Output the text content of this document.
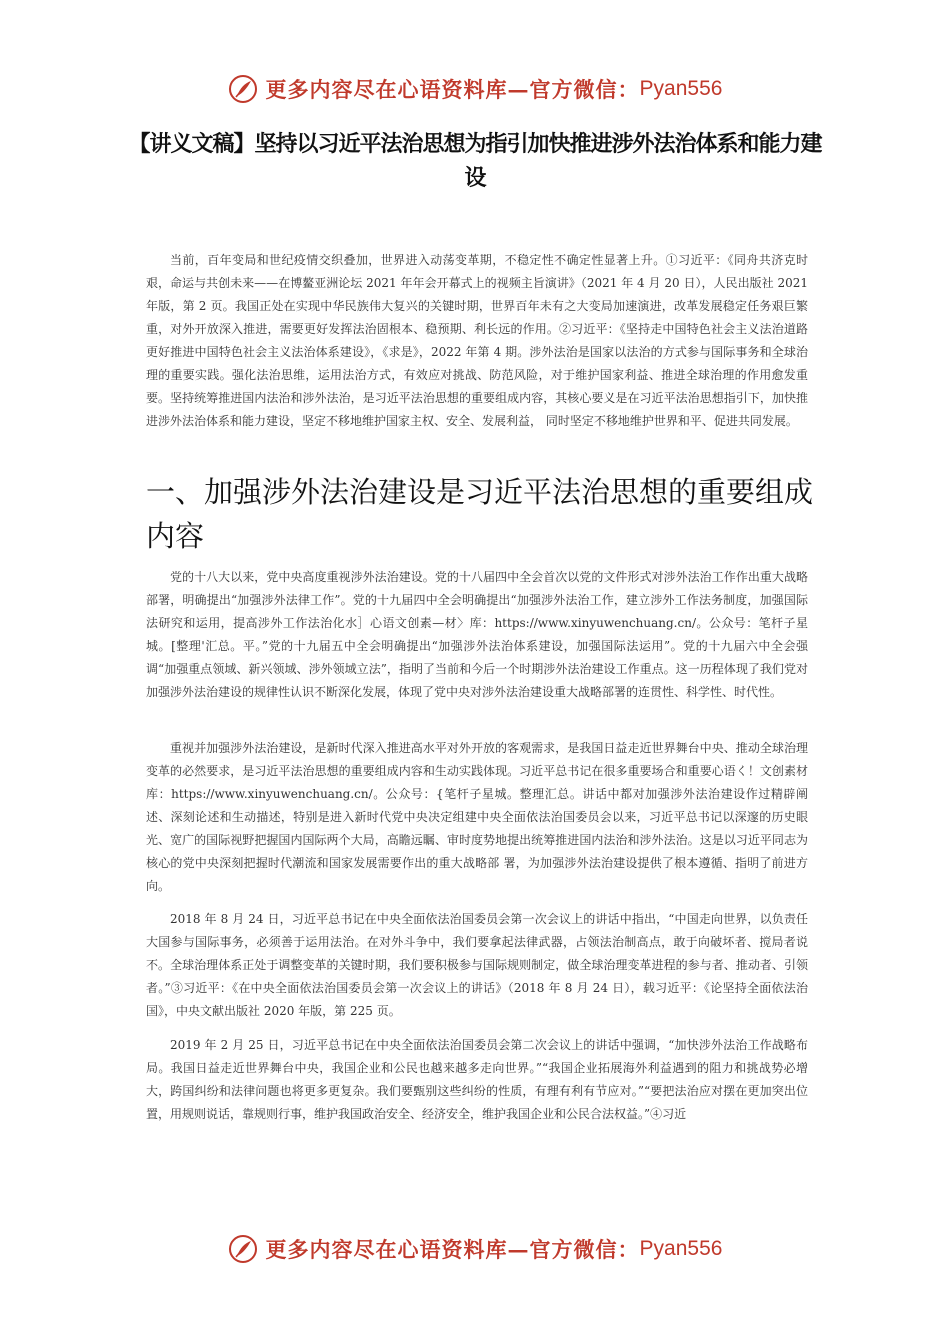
更多内容尽在心语资料库—官方微信： Pyan556
【讲义文稿】坚持以习近平法治思想为指引加快推进涉外法治体系和能力建设

当前，百年变局和世纪疫情交织叠加，世界进入动荡变革期，不稳定性不确定性显著上升。①习近平：《同舟共济克时艰，命运与共创未来——在博鳌亚洲论坛 2021 年年会开幕式上的视频主旨演讲》（2021 年 4 月 20 日），人民出版社 2021 年版，第 2 页。我国正处在实现中华民族伟大复兴的关键时期，世界百年未有之大变局加速演进，改革发展稳定任务艰巨繁重，对外开放深入推进，需要更好发挥法治固根本、稳预期、利长远的作用。②习近平：《坚持走中国特色社会主义法治道路 更好推进中国特色社会主义法治体系建设》，《求是》，2022 年第 4 期。涉外法治是国家以法治的方式参与国际事务和全球治理的重要实践。强化法治思维，运用法治方式，有效应对挑战、防范风险，对于维护国家利益、推进全球治理的作用愈发重要。坚持统筹推进国内法治和涉外法治，是习近平法治思想的重要组成内容，其核心要义是在习近平法治思想指引下，加快推进涉外法治体系和能力建设，坚定不移地维护国家主权、安全、发展利益， 同时坚定不移地维护世界和平、促进共同发展。

一、加强涉外法治建设是习近平法治思想的重要组成内容

党的十八大以来，党中央高度重视涉外法治建设。党的十八届四中全会首次以党的文件形式对涉外法治工作作出重大战略部署，明确提出“加强涉外法律工作”。党的十九届四中全会明确提出“加强涉外法治工作，建立涉外工作法务制度，加强国际法研究和运用，提高涉外工作法治化水］心语文创素—材〉库：https://www.xinyuwenchuang.cn/。公众号：笔杆子星城。[整理'汇总。平。”党的十九届五中全会明确提出“加强涉外法治体系建设，加强国际法运用”。党的十九届六中全会强调“加强重点领域、新兴领域、涉外领域立法”，指明了当前和今后一个时期涉外法治建设工作重点。这一历程体现了我们党对加强涉外法治建设的规律性认识不断深化发展，体现了党中央对涉外法治建设重大战略部署的连贯性、科学性、时代性。

重视并加强涉外法治建设，是新时代深入推进高水平对外开放的客观需求，是我国日益走近世界舞台中央、推动全球治理变革的必然要求，是习近平法治思想的重要组成内容和生动实践体现。习近平总书记在很多重要场合和重要心语く！文创素材库：https://www.xinyuwenchuang.cn/。公众号：{笔杆子星城。整理汇总。讲话中都对加强涉外法治建设作过精辟阐述、深刻论述和生动描述，特别是进入新时代党中央决定组建中央全面依法治国委员会以来，习近平总书记以深邃的历史眼光、宽广的国际视野把握国内国际两个大局，高瞻远瞩、审时度势地提出统筹推进国内法治和涉外法治。这是以习近平同志为核心的党中央深刻把握时代潮流和国家发展需要作出的重大战略部 署，为加强涉外法治建设提供了根本遵循、指明了前进方向。

2018 年 8 月 24 日，习近平总书记在中央全面依法治国委员会第一次会议上的讲话中指出，“中国走向世界，以负责任大国参与国际事务，必须善于运用法治。在对外斗争中，我们要拿起法律武器，占领法治制高点，敢于向破坏者、搅局者说不。全球治理体系正处于调整变革的关键时期，我们要积极参与国际规则制定，做全球治理变革进程的参与者、推动者、引领者。”③习近平：《在中央全面依法治国委员会第一次会议上的讲话》（2018 年 8 月 24 日），载习近平：《论坚持全面依法治国》，中央文献出版社 2020 年版，第 225 页。

2019 年 2 月 25 日，习近平总书记在中央全面依法治国委员会第二次会议上的讲话中强调，“加快涉外法治工作战略布局。我国日益走近世界舞台中央，我国企业和公民也越来越多走向世界。”“我国企业拓展海外利益遇到的阻力和挑战势必增大，跨国纠纷和法律问题也将更多更复杂。我们要甄别这些纠纷的性质，有理有利有节应对。”“要把法治应对摆在更加突出位置，用规则说话，靠规则行事，维护我国政治安全、经济安全，维护我国企业和公民合法权益。”④习近

更多内容尽在心语资料库—官方微信： Pyan556
